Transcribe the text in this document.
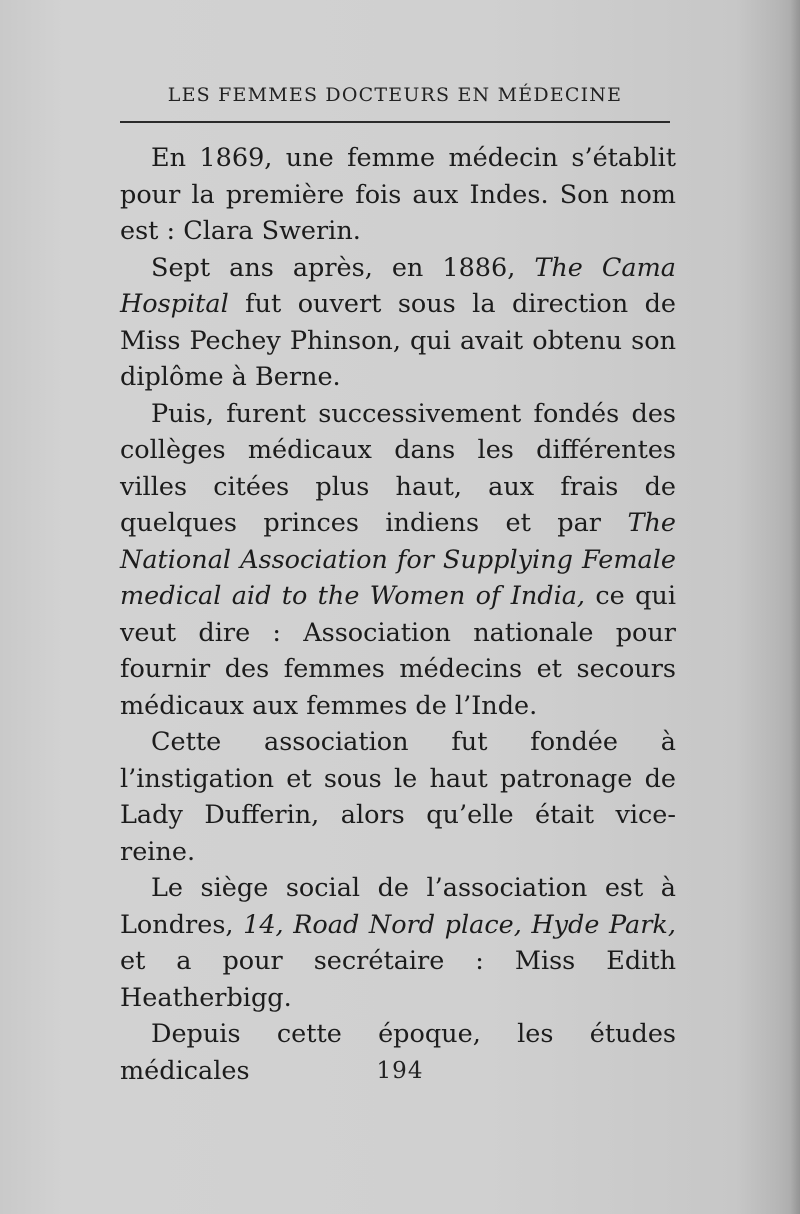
LES FEMMES DOCTEURS EN MÉDECINE

En 1869, une femme médecin s’établit pour la première fois aux Indes. Son nom est : Clara Swerin.

Sept ans après, en 1886, The Cama Hospital fut ouvert sous la direction de Miss Pechey Phinson, qui avait obtenu son diplôme à Berne.

Puis, furent successivement fondés des collèges médicaux dans les différentes villes citées plus haut, aux frais de quelques princes indiens et par The National Association for Supplying Female medical aid to the Women of India, ce qui veut dire : Association nationale pour fournir des femmes médecins et secours médicaux aux femmes de l’Inde.

Cette association fut fondée à l’instigation et sous le haut patronage de Lady Dufferin, alors qu’elle était vice-reine.

Le siège social de l’association est à Londres, 14, Road Nord place, Hyde Park, et a pour secrétaire : Miss Edith Heatherbigg.

Depuis cette époque, les études médicales	194
